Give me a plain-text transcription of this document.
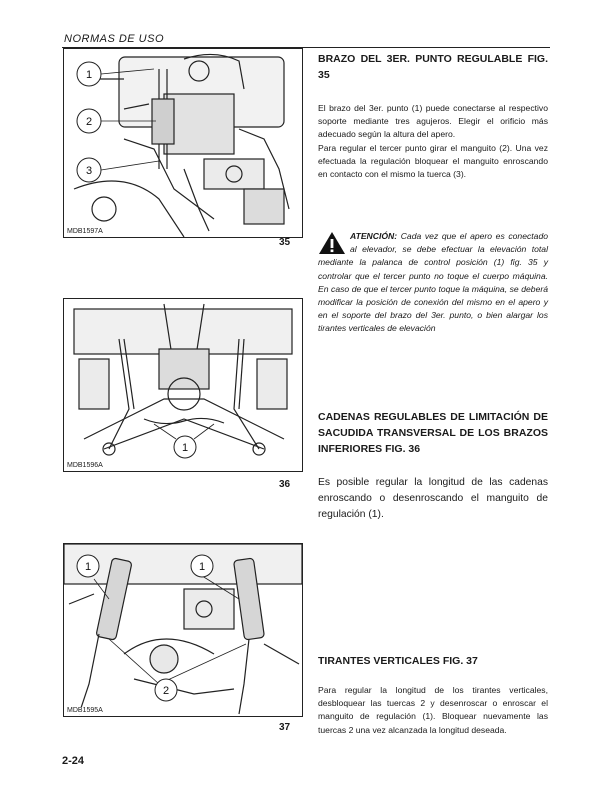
NORMAS DE USO
1
2
3
MDB1597A
35
1
MDB1596A
36
1	1
2
MDB1595A
37

BRAZO DEL 3ER. PUNTO REGULABLE FIG. 35

El brazo del 3er. punto (1) puede conectarse al respectivo soporte mediante tres agujeros. Elegir el orificio más adecuado según la altura del apero.

Para regular el tercer punto girar el manguito (2). Una vez efectuada la regulación bloquear el manguito enroscando en contacto con el mismo la tuerca (3).

ATENCIÓN: Cada vez que el apero es conectado al elevador, se debe efectuar la elevación total mediante la palanca de control posición (1) fig. 35 y controlar que el tercer punto no toque el cuerpo máquina. En caso de que el tercer punto toque la máquina, se deberá modificar la posición de conexión del mismo en el apero y en el soporte del brazo del 3er. punto, o bien alargar los tirantes verticales de elevación

CADENAS REGULABLES DE LIMITACIÓN DE SACUDIDA TRANSVERSAL DE LOS BRAZOS INFERIORES FIG. 36

Es posible regular la longitud de las cadenas enroscando o desenroscando el manguito de regulación (1).

TIRANTES VERTICALES FIG. 37

Para regular la longitud de los tirantes verticales, desbloquear las tuercas 2 y desenroscar o enroscar el manguito de regulación (1). Bloquear nuevamente las tuercas 2 una vez alcanzada la longitud deseada.

2-24
